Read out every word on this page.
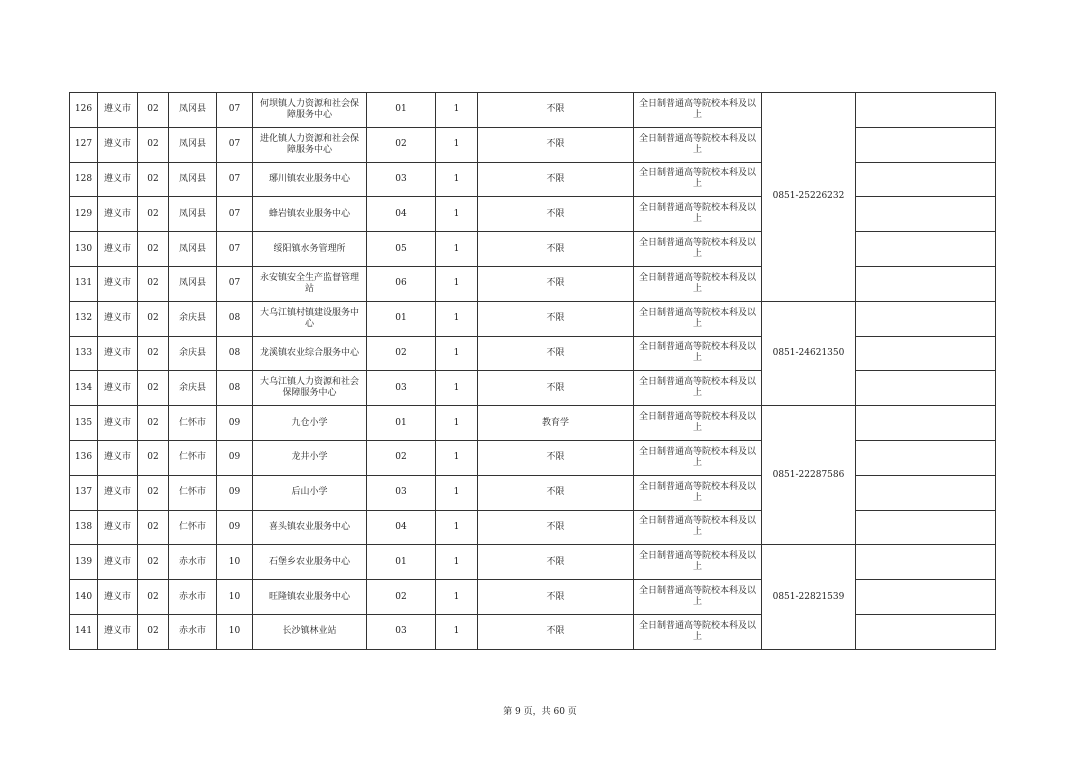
126	遵义市	02	凤冈县	07	何坝镇人力资源和社会保障服务中心	01	1	不限	全日制普通高等院校本科及以上	0851-25226232	
127	遵义市	02	凤冈县	07	进化镇人力资源和社会保障服务中心	02	1	不限	全日制普通高等院校本科及以上		
128	遵义市	02	凤冈县	07	琊川镇农业服务中心	03	1	不限	全日制普通高等院校本科及以上		
129	遵义市	02	凤冈县	07	蜂岩镇农业服务中心	04	1	不限	全日制普通高等院校本科及以上		
130	遵义市	02	凤冈县	07	绥阳镇水务管理所	05	1	不限	全日制普通高等院校本科及以上		
131	遵义市	02	凤冈县	07	永安镇安全生产监督管理站	06	1	不限	全日制普通高等院校本科及以上		
132	遵义市	02	余庆县	08	大乌江镇村镇建设服务中心	01	1	不限	全日制普通高等院校本科及以上	0851-24621350	
133	遵义市	02	余庆县	08	龙溪镇农业综合服务中心	02	1	不限	全日制普通高等院校本科及以上		
134	遵义市	02	余庆县	08	大乌江镇人力资源和社会保障服务中心	03	1	不限	全日制普通高等院校本科及以上		
135	遵义市	02	仁怀市	09	九仓小学	01	1	教育学	全日制普通高等院校本科及以上	0851-22287586	
136	遵义市	02	仁怀市	09	龙井小学	02	1	不限	全日制普通高等院校本科及以上		
137	遵义市	02	仁怀市	09	后山小学	03	1	不限	全日制普通高等院校本科及以上		
138	遵义市	02	仁怀市	09	喜头镇农业服务中心	04	1	不限	全日制普通高等院校本科及以上		
139	遵义市	02	赤水市	10	石堡乡农业服务中心	01	1	不限	全日制普通高等院校本科及以上	0851-22821539	
140	遵义市	02	赤水市	10	旺隆镇农业服务中心	02	1	不限	全日制普通高等院校本科及以上		
141	遵义市	02	赤水市	10	长沙镇林业站	03	1	不限	全日制普通高等院校本科及以上		
第 9 页，共 60 页
